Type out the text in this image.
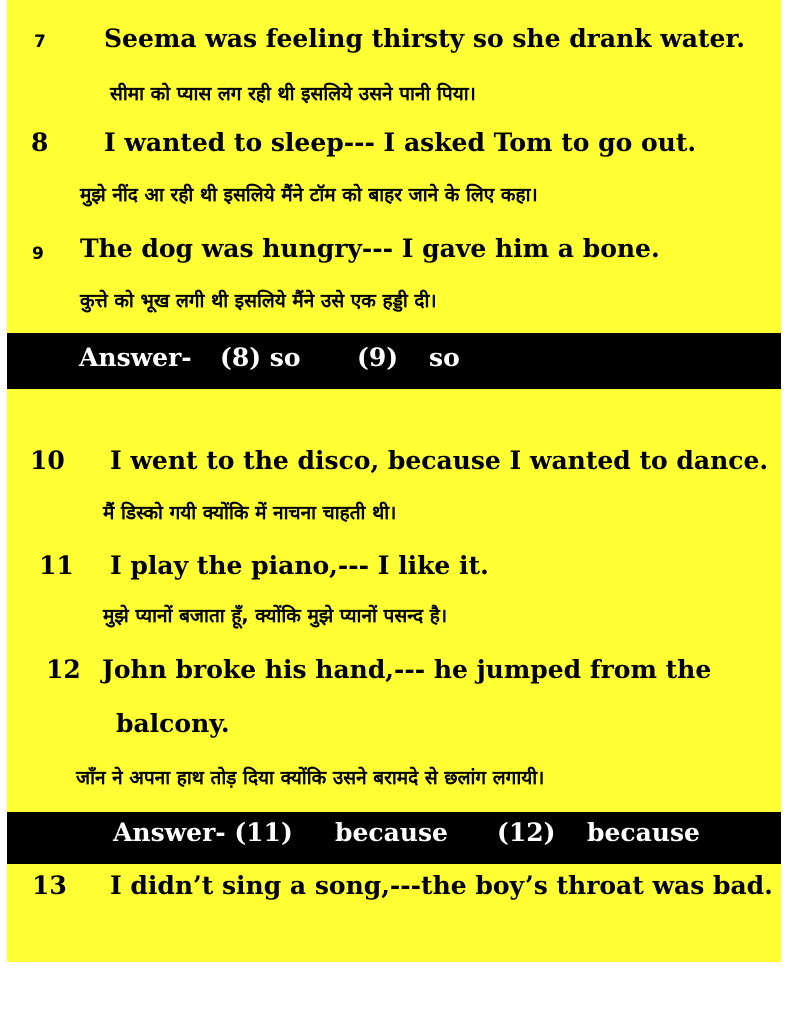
7 Seema was feeling thirsty so she drank water.
सीमा को प्यास लग रही थी इसलिये उसने पानी पिया।
8 I wanted to sleep--- I asked Tom to go out.
मुझे नींद आ रही थी इसलिये मैंने टॉम को बाहर जाने के लिए कहा।
9 The dog was hungry--- I gave him a bone.
कुत्ते को भूख लगी थी इसलिये मैंने उसे एक हड्डी दी।
Answer- (8) so (9) so
10 I went to the disco, because I wanted to dance.
मैं डिस्को गयी क्योंकि में नाचना चाहती थी।
11 I play the piano,--- I like it.
मुझे प्यानों बजाता हूँ, क्योंकि मुझे प्यानों पसन्द है।
12 John broke his hand,--- he jumped from the
balcony.
जाँन ने अपना हाथ तोड़ दिया क्योंकि उसने बरामदे से छलांग लगायी।
Answer- (11) because (12) because
13 I didn’t sing a song,---the boy’s throat was bad.
